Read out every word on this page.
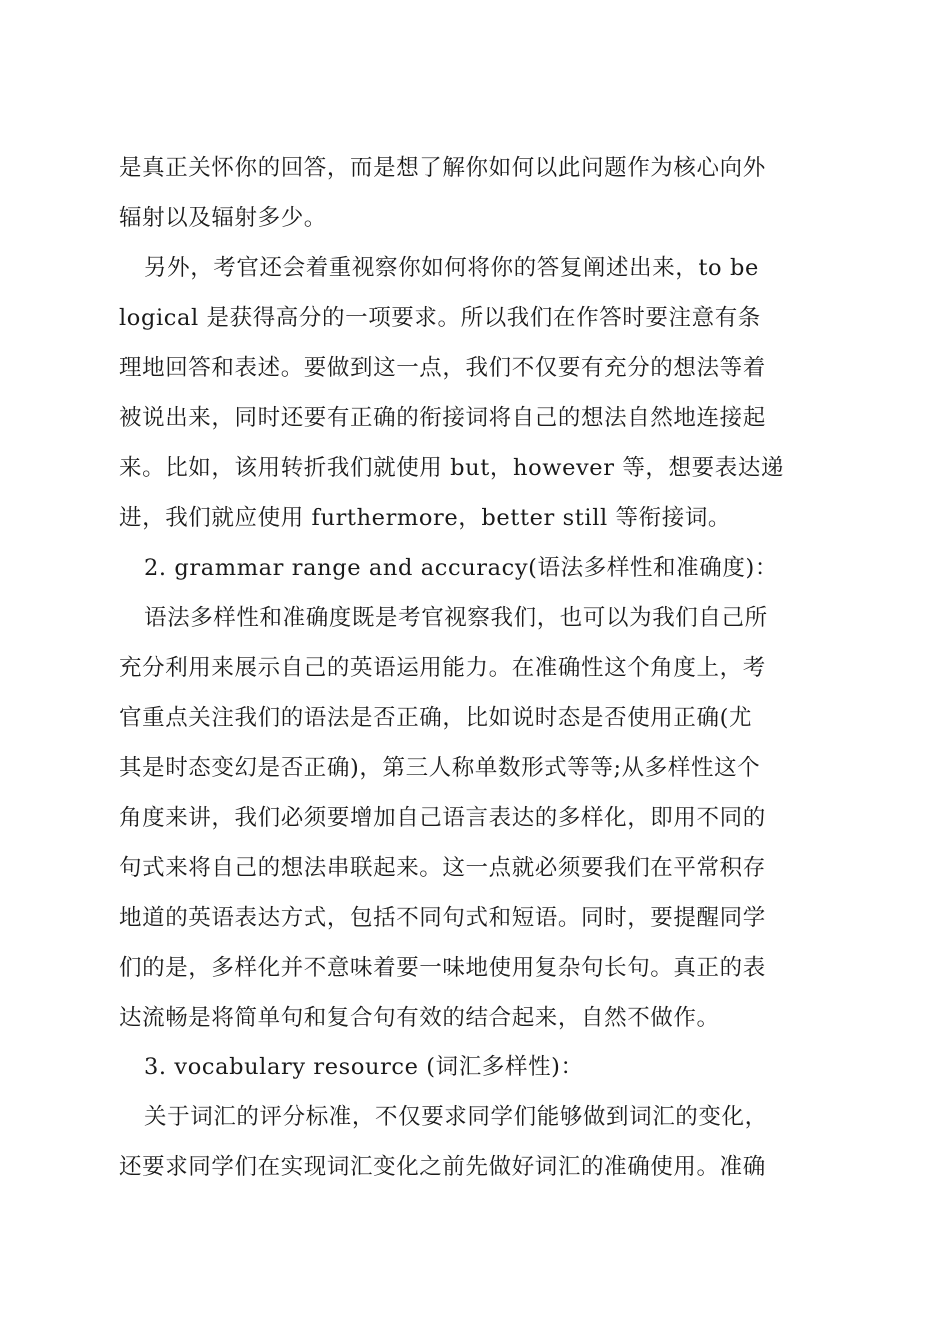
是真正关怀你的回答，而是想了解你如何以此问题作为核心向外
辐射以及辐射多少。
另外，考官还会着重视察你如何将你的答复阐述出来，to be
logical 是获得高分的一项要求。所以我们在作答时要注意有条
理地回答和表述。要做到这一点，我们不仅要有充分的想法等着
被说出来，同时还要有正确的衔接词将自己的想法自然地连接起
来。比如，该用转折我们就使用 but，however 等，想要表达递
进，我们就应使用 furthermore，better still 等衔接词。
2. grammar range and accuracy(语法多样性和准确度)：
语法多样性和准确度既是考官视察我们，也可以为我们自己所
充分利用来展示自己的英语运用能力。在准确性这个角度上，考
官重点关注我们的语法是否正确，比如说时态是否使用正确(尤
其是时态变幻是否正确)，第三人称单数形式等等;从多样性这个
角度来讲，我们必须要增加自己语言表达的多样化，即用不同的
句式来将自己的想法串联起来。这一点就必须要我们在平常积存
地道的英语表达方式，包括不同句式和短语。同时，要提醒同学
们的是，多样化并不意味着要一味地使用复杂句长句。真正的表
达流畅是将简单句和复合句有效的结合起来，自然不做作。
3. vocabulary resource (词汇多样性)：
关于词汇的评分标准，不仅要求同学们能够做到词汇的变化，
还要求同学们在实现词汇变化之前先做好词汇的准确使用。准确
